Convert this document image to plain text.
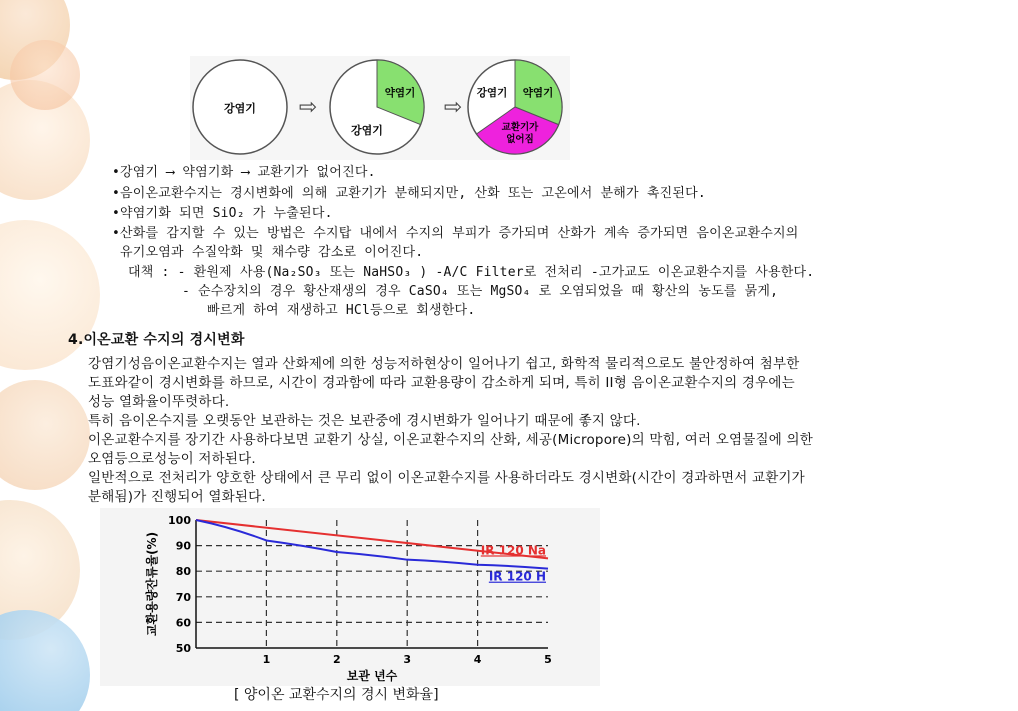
강염기 ⇨
약염기
강염기
⇨
강염기 약염기
교환기가
없어짐
•강염기 ⟶ 약염기화 ⟶ 교환기가 없어진다.
•음이온교환수지는 경시변화에 의해 교환기가 분해되지만, 산화 또는 고온에서 분해가 촉진된다.
•약염기화 되면 SiO₂ 가 누출된다.
•산화를 감지할 수 있는 방법은 수지탑 내에서 수지의 부피가 증가되며 산화가 계속 증가되면 음이온교환수지의
유기오염과 수질악화 및 채수량 감소로 이어진다.
대책 : - 환원제 사용(Na₂SO₃ 또는 NaHSO₃ ) -A/C Filter로 전처리 -고가교도 이온교환수지를 사용한다.
- 순수장치의 경우 황산재생의 경우 CaSO₄ 또는 MgSO₄ 로 오염되었을 때 황산의 농도를 묽게,
빠르게 하여 재생하고 HCl등으로 회생한다.
4.이온교환 수지의 경시변화
강염기성음이온교환수지는 열과 산화제에 의한 성능저하현상이 일어나기 쉽고, 화학적 물리적으로도 불안정하여 첨부한
도표와같이 경시변화를 하므로, 시간이 경과함에 따라 교환용량이 감소하게 되며, 특히 II형 음이온교환수지의 경우에는
성능 열화율이뚜렷하다.
특히 음이온수지를 오랫동안 보관하는 것은 보관중에 경시변화가 일어나기 때문에 좋지 않다.
이온교환수지를 장기간 사용하다보면 교환기 상실, 이온교환수지의 산화, 세공(Micropore)의 막힘, 여러 오염물질에 의한
오염등으로성능이 저하된다.
일반적으로 전처리가 양호한 상태에서 큰 무리 없이 이온교환수지를 사용하더라도 경시변화(시간이 경과하면서 교환기가
분해됨)가 진행되어 열화된다.
IR 120 Na
IR 120 H
50
60
70
80
90
100
1	2	3	4	5
교환용량잔류율(%)
보관 년수
[ 양이온 교환수지의 경시 변화율]
